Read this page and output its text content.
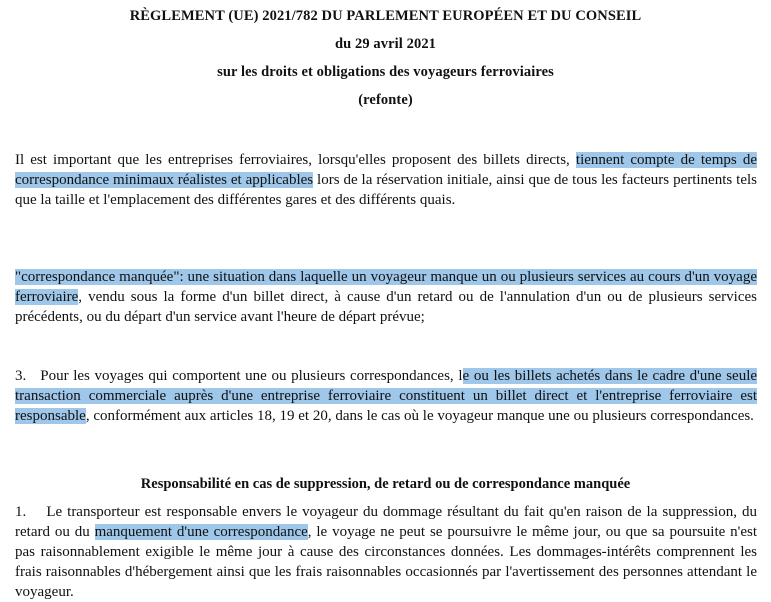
RÈGLEMENT (UE) 2021/782 DU PARLEMENT EUROPÉEN ET DU CONSEIL
du 29 avril 2021
sur les droits et obligations des voyageurs ferroviaires
(refonte)

Il est important que les entreprises ferroviaires, lorsqu'elles proposent des billets directs, tiennent compte de temps de correspondance minimaux réalistes et applicables lors de la réservation initiale, ainsi que de tous les facteurs pertinents tels que la taille et l'emplacement des différentes gares et des différents quais.

"correspondance manquée": une situation dans laquelle un voyageur manque un ou plusieurs services au cours d'un voyage ferroviaire, vendu sous la forme d'un billet direct, à cause d'un retard ou de l'annulation d'un ou de plusieurs services précédents, ou du départ d'un service avant l'heure de départ prévue;

3. Pour les voyages qui comportent une ou plusieurs correspondances, le ou les billets achetés dans le cadre d'une seule transaction commerciale auprès d'une entreprise ferroviaire constituent un billet direct et l'entreprise ferroviaire est responsable, conformément aux articles 18, 19 et 20, dans le cas où le voyageur manque une ou plusieurs correspondances.

Responsabilité en cas de suppression, de retard ou de correspondance manquée

1. Le transporteur est responsable envers le voyageur du dommage résultant du fait qu'en raison de la suppression, du retard ou du manquement d'une correspondance, le voyage ne peut se poursuivre le même jour, ou que sa poursuite n'est pas raisonnablement exigible le même jour à cause des circonstances données. Les dommages-intérêts comprennent les frais raisonnables d'hébergement ainsi que les frais raisonnables occasionnés par l'avertissement des personnes attendant le voyageur.
